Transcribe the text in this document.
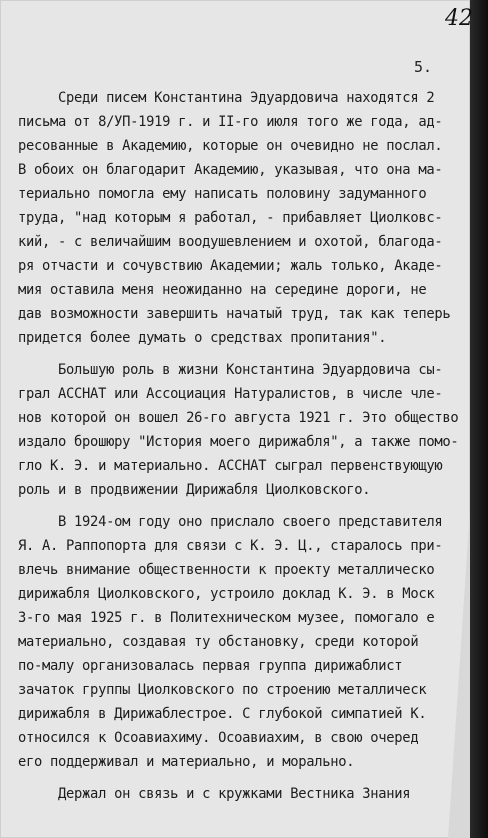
42
5.
Среди писем Константина Эдуардовича находятся 2
письма от 8/УП-1919 г. и II-го июля того же года, ад-
ресованные в Академию, которые он очевидно не послал.
В обоих он благодарит Академию, указывая, что она ма-
териально помогла ему написать половину задуманного
труда, "над которым я работал, - прибавляет Циолковс-
кий, - с величайшим воодушевлением и охотой, благода-
ря отчасти и сочувствию Академии; жаль только, Акаде-
мия оставила меня неожиданно на середине дороги, не
дав возможности завершить начатый труд, так как теперь
придется более думать о средствах пропитания".
Большую роль в жизни Константина Эдуардовича сы-
грал АССНАТ или Ассоциация Натуралистов, в числе чле-
нов которой он вошел 26-го августа 1921 г. Это общество
издало брошюру "История моего дирижабля", а также помо-
гло К. Э. и материально. АССНАТ сыграл первенствующую
роль и в продвижении Дирижабля Циолковского.
В 1924-ом году оно прислало своего представителя
Я. А. Раппопорта для связи с К. Э. Ц., старалось при-
влечь внимание общественности к проекту металлическо
дирижабля Циолковского, устроило доклад К. Э. в Моск
3-го мая 1925 г. в Политехническом музее, помогало е
материально, создавая ту обстановку, среди которой
по-малу организовалась первая группа дирижаблист
зачаток группы Циолковского по строению металлическ
дирижабля в Дирижаблестрое. С глубокой симпатией К.
относился к Осоавиахиму. Осоавиахим, в свою очеред
его поддерживал и материально, и морально.
Держал он связь и с кружками Вестника Знания
